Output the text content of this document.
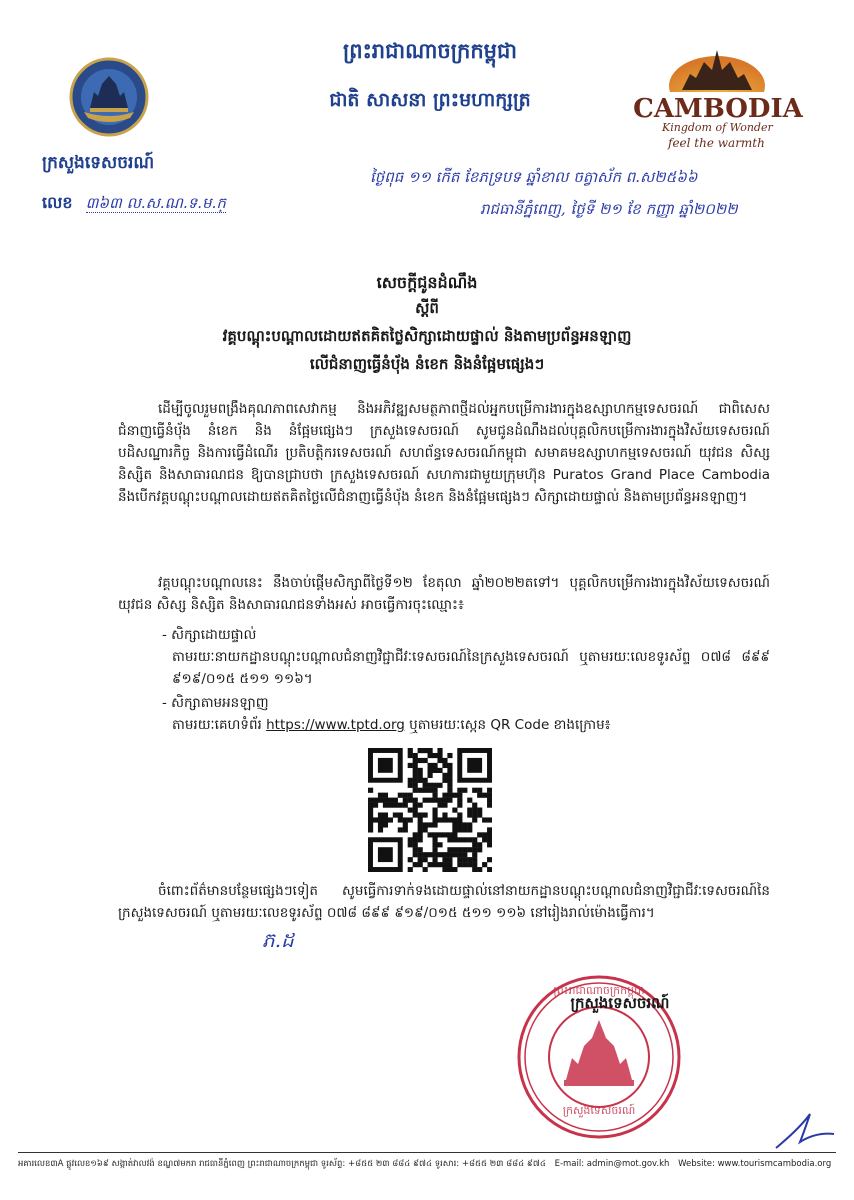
ព្រះរាជាណាចក្រកម្ពុជា
ជាតិ សាសនា ព្រះមហាក្សត្រ
ក្រសួងទេសចរណ៍
លេខ ៣៦៣ ល.ស.ណ.ទ.ម.ក្
CAMBODIA
Kingdom of Wonder
feel the warmth
ថ្ងៃពុធ ១១ កើត ខែភទ្របទ ឆ្នាំខាល ចត្វាស័ក ព.ស២៥៦៦
រាជធានីភ្នំពេញ, ថ្ងៃទី ២១ ខែ កញ្ញា ឆ្នាំ២០២២
សេចក្តីជូនដំណឹង
ស្តីពី
វគ្គបណ្តុះបណ្តាលដោយឥតគិតថ្លៃសិក្សាដោយផ្ទាល់ និងតាមប្រព័ន្ធអនឡាញ
លើជំនាញធ្វើនំប៉័ង នំខេក និងនំផ្អែមផ្សេងៗ
ដើម្បីចូលរួមពង្រឹងគុណភាពសេវាកម្ម និងអភិវឌ្ឍសមត្ថភាពថ្មីដល់អ្នកបម្រើការងារក្នុងឧស្សាហកម្មទេសចរណ៍ ជាពិសេសជំនាញធ្វើនំប៉័ង នំខេក និង នំផ្អែមផ្សេងៗ ក្រសួងទេសចរណ៍ សូមជូនដំណឹងដល់បុគ្គលិកបម្រើការងារក្នុងវិស័យទេសចរណ៍ បដិសណ្ឋារកិច្ច និងការធ្វើដំណើរ ប្រតិបត្តិករទេសចរណ៍ សហព័ន្ធទេសចរណ៍កម្ពុជា សមាគមឧស្សាហកម្មទេសចរណ៍ យុវជន សិស្ស និស្សិត និងសាធារណជន ឱ្យបានជ្រាបថា ក្រសួងទេសចរណ៍ សហការជាមួយក្រុមហ៊ុន Puratos Grand Place Cambodia នឹងបើកវគ្គបណ្តុះបណ្តាលដោយឥតគិតថ្លៃលើជំនាញធ្វើនំប៉័ង នំខេក និងនំផ្អែមផ្សេងៗ សិក្សាដោយផ្ទាល់ និងតាមប្រព័ន្ធអនឡាញ។
វគ្គបណ្តុះបណ្តាលនេះ នឹងចាប់ផ្តើមសិក្សាពីថ្ងៃទី១២ ខែតុលា ឆ្នាំ២០២២តទៅ។ បុគ្គលិកបម្រើការងារក្នុងវិស័យទេសចរណ៍ យុវជន សិស្ស និស្សិត និងសាធារណជនទាំងអស់ អាចធ្វើការចុះឈ្មោះ៖
- សិក្សាដោយផ្ទាល់
តាមរយៈនាយកដ្ឋានបណ្តុះបណ្តាលជំនាញវិជ្ជាជីវៈទេសចរណ៍នៃក្រសួងទេសចរណ៍ ឬតាមរយៈលេខទូរស័ព្ទ ០៧៨ ៨៩៩ ៩១៩/០១៥ ៥១១ ១១៦។
- សិក្សាតាមអនឡាញ
តាមរយៈគេហទំព័រ https://www.tptd.org ឬតាមរយៈស្កេន QR Code ខាងក្រោម៖
ចំពោះព័ត៌មានបន្ថែមផ្សេងៗទៀត សូមធ្វើការទាក់ទងដោយផ្ទាល់នៅនាយកដ្ឋានបណ្តុះបណ្តាលជំនាញវិជ្ជាជីវៈទេសចរណ៍នៃក្រសួងទេសចរណ៍ ឬតាមរយៈលេខទូរស័ព្ទ ០៧៨ ៨៩៩ ៩១៩/០១៥ ៥១១ ១១៦ នៅរៀងរាល់ម៉ោងធ្វើការ។
ភ.ដ
ព្រះរាជាណាចក្រកម្ពុជា
ក្រសួងទេសចរណ៍
ក្រសួងទេសចរណ៍
អគារលេខ៣A ផ្លូវលេខ១៦៩ សង្កាត់វាលវង់ ខណ្ឌ៧មករា រាជធានីភ្នំពេញ ព្រះរាជាណាចក្រកម្ពុជា ទូរស័ព្ទ: +៨៥៥ ២៣ ៨៨៤ ៩៧៤ ទូរសារ: +៨៥៥ ២៣ ៨៨៤ ៩៧៤ E-mail: admin@mot.gov.kh Website: www.tourismcambodia.org
